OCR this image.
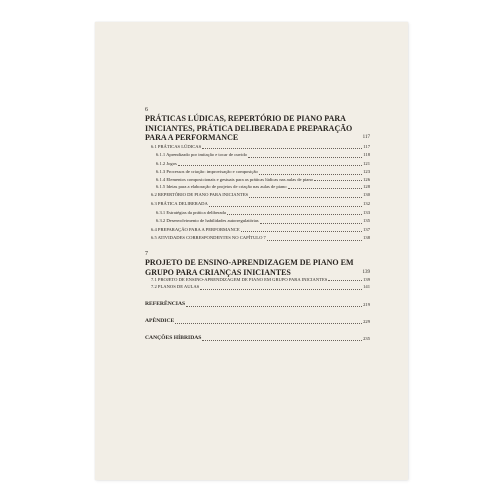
6
PRÁTICAS LÚDICAS, REPERTÓRIO DE PIANO PARA INICIANTES, PRÁTICA DELIBERADA E PREPARAÇÃO PARA A PERFORMANCE	117
6.1 PRÁTICAS LÚDICAS	117
6.1.1 Aprendizado por imitação e tocar de ouvido	118
6.1.2 Jogos	121
6.1.3 Processos de criação: improvisação e composição	123
6.1.4 Elementos composicionais e gestuais para as práticas lúdicas nas aulas de piano	126
6.1.5 Ideias para a elaboração de projetos de criação nas aulas de piano	128
6.2 REPERTÓRIO DE PIANO PARA INICIANTES	130
6.3 PRÁTICA DELIBERADA	132
6.3.1 Estratégias da prática deliberada	133
6.3.2 Desenvolvimento de habilidades autorregulatórias	135
6.4 PREPARAÇÃO PARA A PERFORMANCE	137
6.5 ATIVIDADES CORRESPONDENTES NO CAPÍTULO 7	138
7
PROJETO DE ENSINO-APRENDIZAGEM DE PIANO EM GRUPO PARA CRIANÇAS INICIANTES	139
7.1 PROJETO DE ENSINO-APRENDIZAGEM DE PIANO EM GRUPO PARA INICIANTES	139
7.2 PLANOS DE AULAS	141
REFERÊNCIAS	219
APÊNDICE	229
CANÇÕES HÍBRIDAS	235
